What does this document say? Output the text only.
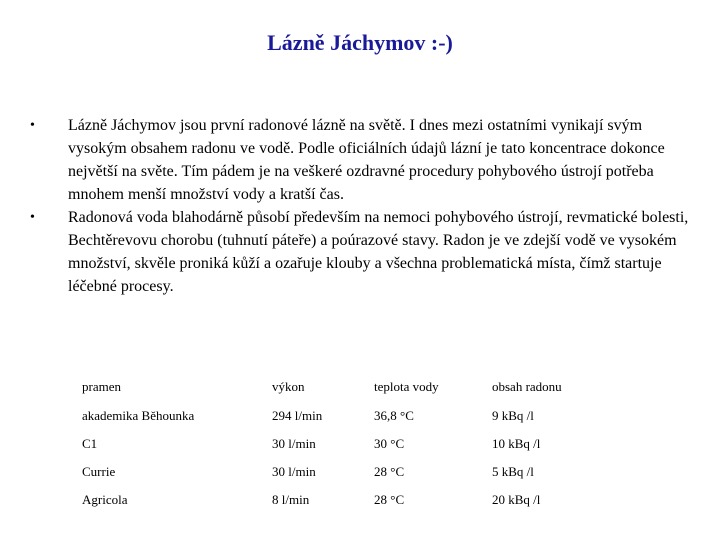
Lázně Jáchymov :-)
•	Lázně Jáchymov jsou první radonové lázně na světě. I dnes mezi ostatními vynikají svým vysokým obsahem radonu ve vodě. Podle oficiálních údajů lázní je tato koncentrace dokonce největší na světe. Tím pádem je na veškeré ozdravné procedury pohybového ústrojí potřeba mnohem menší množství vody a kratší čas.
•	Radonová voda blahodárně působí především na nemoci pohybového ústrojí, revmatické bolesti, Bechtěrevovu chorobu (tuhnutí páteře) a poúrazové stavy. Radon je ve zdejší vodě ve vysokém množství, skvěle proniká kůží a ozařuje klouby a všechna problematická místa, čímž startuje léčebné procesy.
pramen	výkon	teplota vody	obsah radonu
akademika Běhounka	294 l/min	36,8 °C	9 kBq /l
C1	30 l/min	30 °C	10 kBq /l
Currie	30 l/min	28 °C	5 kBq /l
Agricola	8 l/min	28 °C	20 kBq /l
